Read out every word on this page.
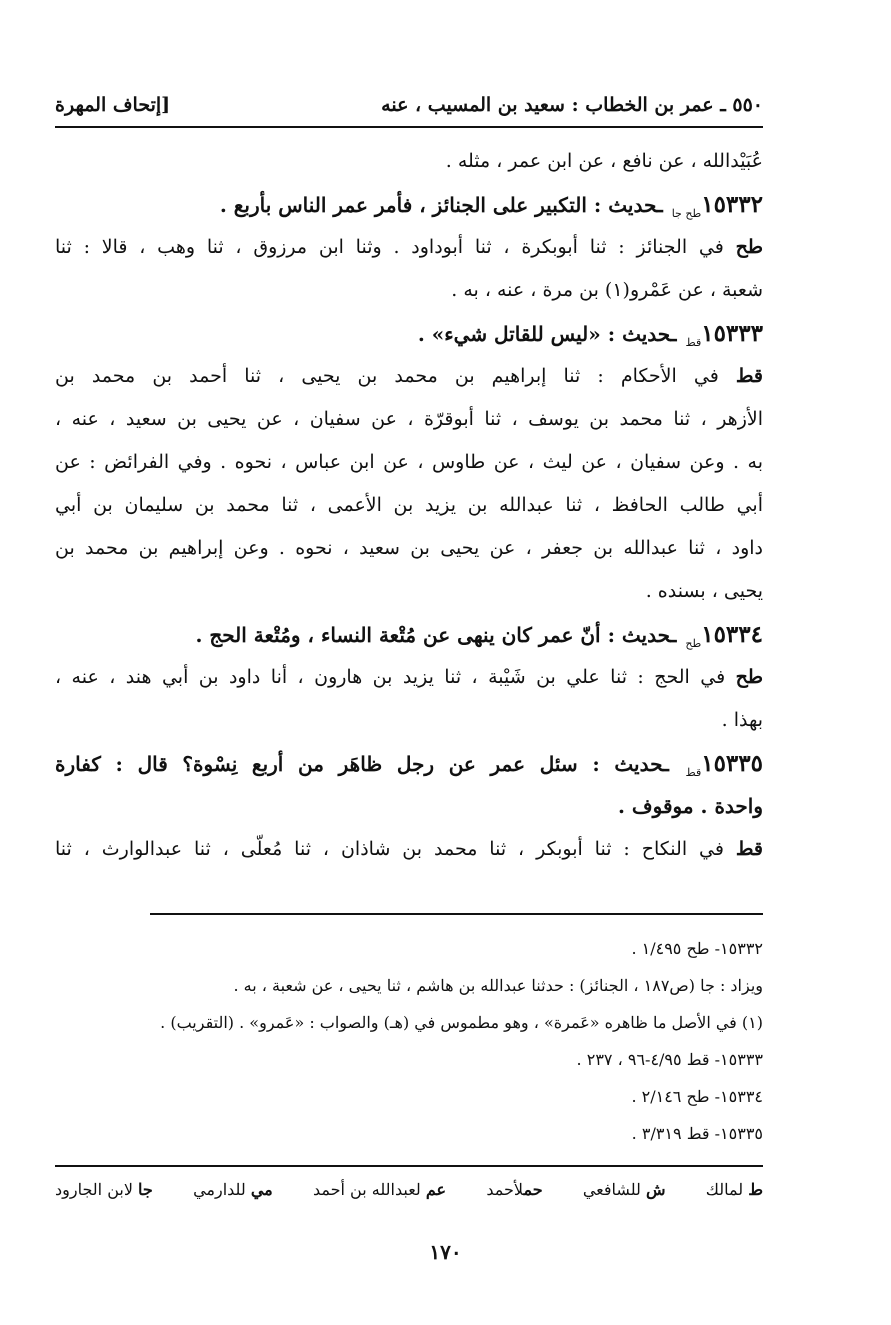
٥٥٠ ـ عمر بن الخطاب : سعيد بن المسيب ، عنه
[إتحاف المهرة
عُبَيْدالله ، عن نافع ، عن ابن عمر ، مثله .
$١٥٣٣٢_{طح جا}$ ـحديث : التكبير على الجنائز ، فأمر عمر الناس بأربع .
طح في الجنائز : ثنا أبوبكرة ، ثنا أبوداود . وثنا ابن مرزوق ، ثنا وهب ، قالا : ثنا
شعبة ، عن عَمْرو(١) بن مرة ، عنه ، به .
$١٥٣٣٣_{قط}$ ـحديث : «ليس للقاتل شيء» .
قط في الأحكام : ثنا إبراهيم بن محمد بن يحيى ، ثنا أحمد بن محمد بن
الأزهر ، ثنا محمد بن يوسف ، ثنا أبوقرّة ، عن سفيان ، عن يحيى بن سعيد ، عنه ،
به . وعن سفيان ، عن ليث ، عن طاوس ، عن ابن عباس ، نحوه . وفي الفرائض : عن
أبي طالب الحافظ ، ثنا عبدالله بن يزيد بن الأعمى ، ثنا محمد بن سليمان بن أبي
داود ، ثنا عبدالله بن جعفر ، عن يحيى بن سعيد ، نحوه . وعن إبراهيم بن محمد بن
يحيى ، بسنده .
$١٥٣٣٤_{طح}$ ـحديث : أنّ عمر كان ينهى عن مُتْعة النساء ، ومُتْعة الحج .
طح في الحج : ثنا علي بن شَيْبة ، ثنا يزيد بن هارون ، أنا داود بن أبي هند ، عنه ،
بهذا .
$١٥٣٣٥_{قط}$ ـحديث : سئل عمر عن رجل ظاهَر من أربع نِسْوة؟ قال : كفارة
واحدة . موقوف .
قط في النكاح : ثنا أبوبكر ، ثنا محمد بن شاذان ، ثنا مُعلّى ، ثنا عبدالوارث ، ثنا
١٥٣٣٢- طح ١/٤٩٥ .
ويزاد : جا (ص١٨٧ ، الجنائز) : حدثنا عبدالله بن هاشم ، ثنا يحيى ، عن شعبة ، به .
(١) في الأصل ما ظاهره «عَمرة» ، وهو مطموس في (هـ) والصواب : «عَمرو» . (التقريب) .
١٥٣٣٣- قط ٤/٩٥-٩٦ ، ٢٣٧ .
١٥٣٣٤- طح ٢/١٤٦ .
١٥٣٣٥- قط ٣/٣١٩ .
ط لمالك
ش للشافعي
حملأحمد
عم لعبدالله بن أحمد
مي للدارمي
جا لابن الجارود
١٧٠
